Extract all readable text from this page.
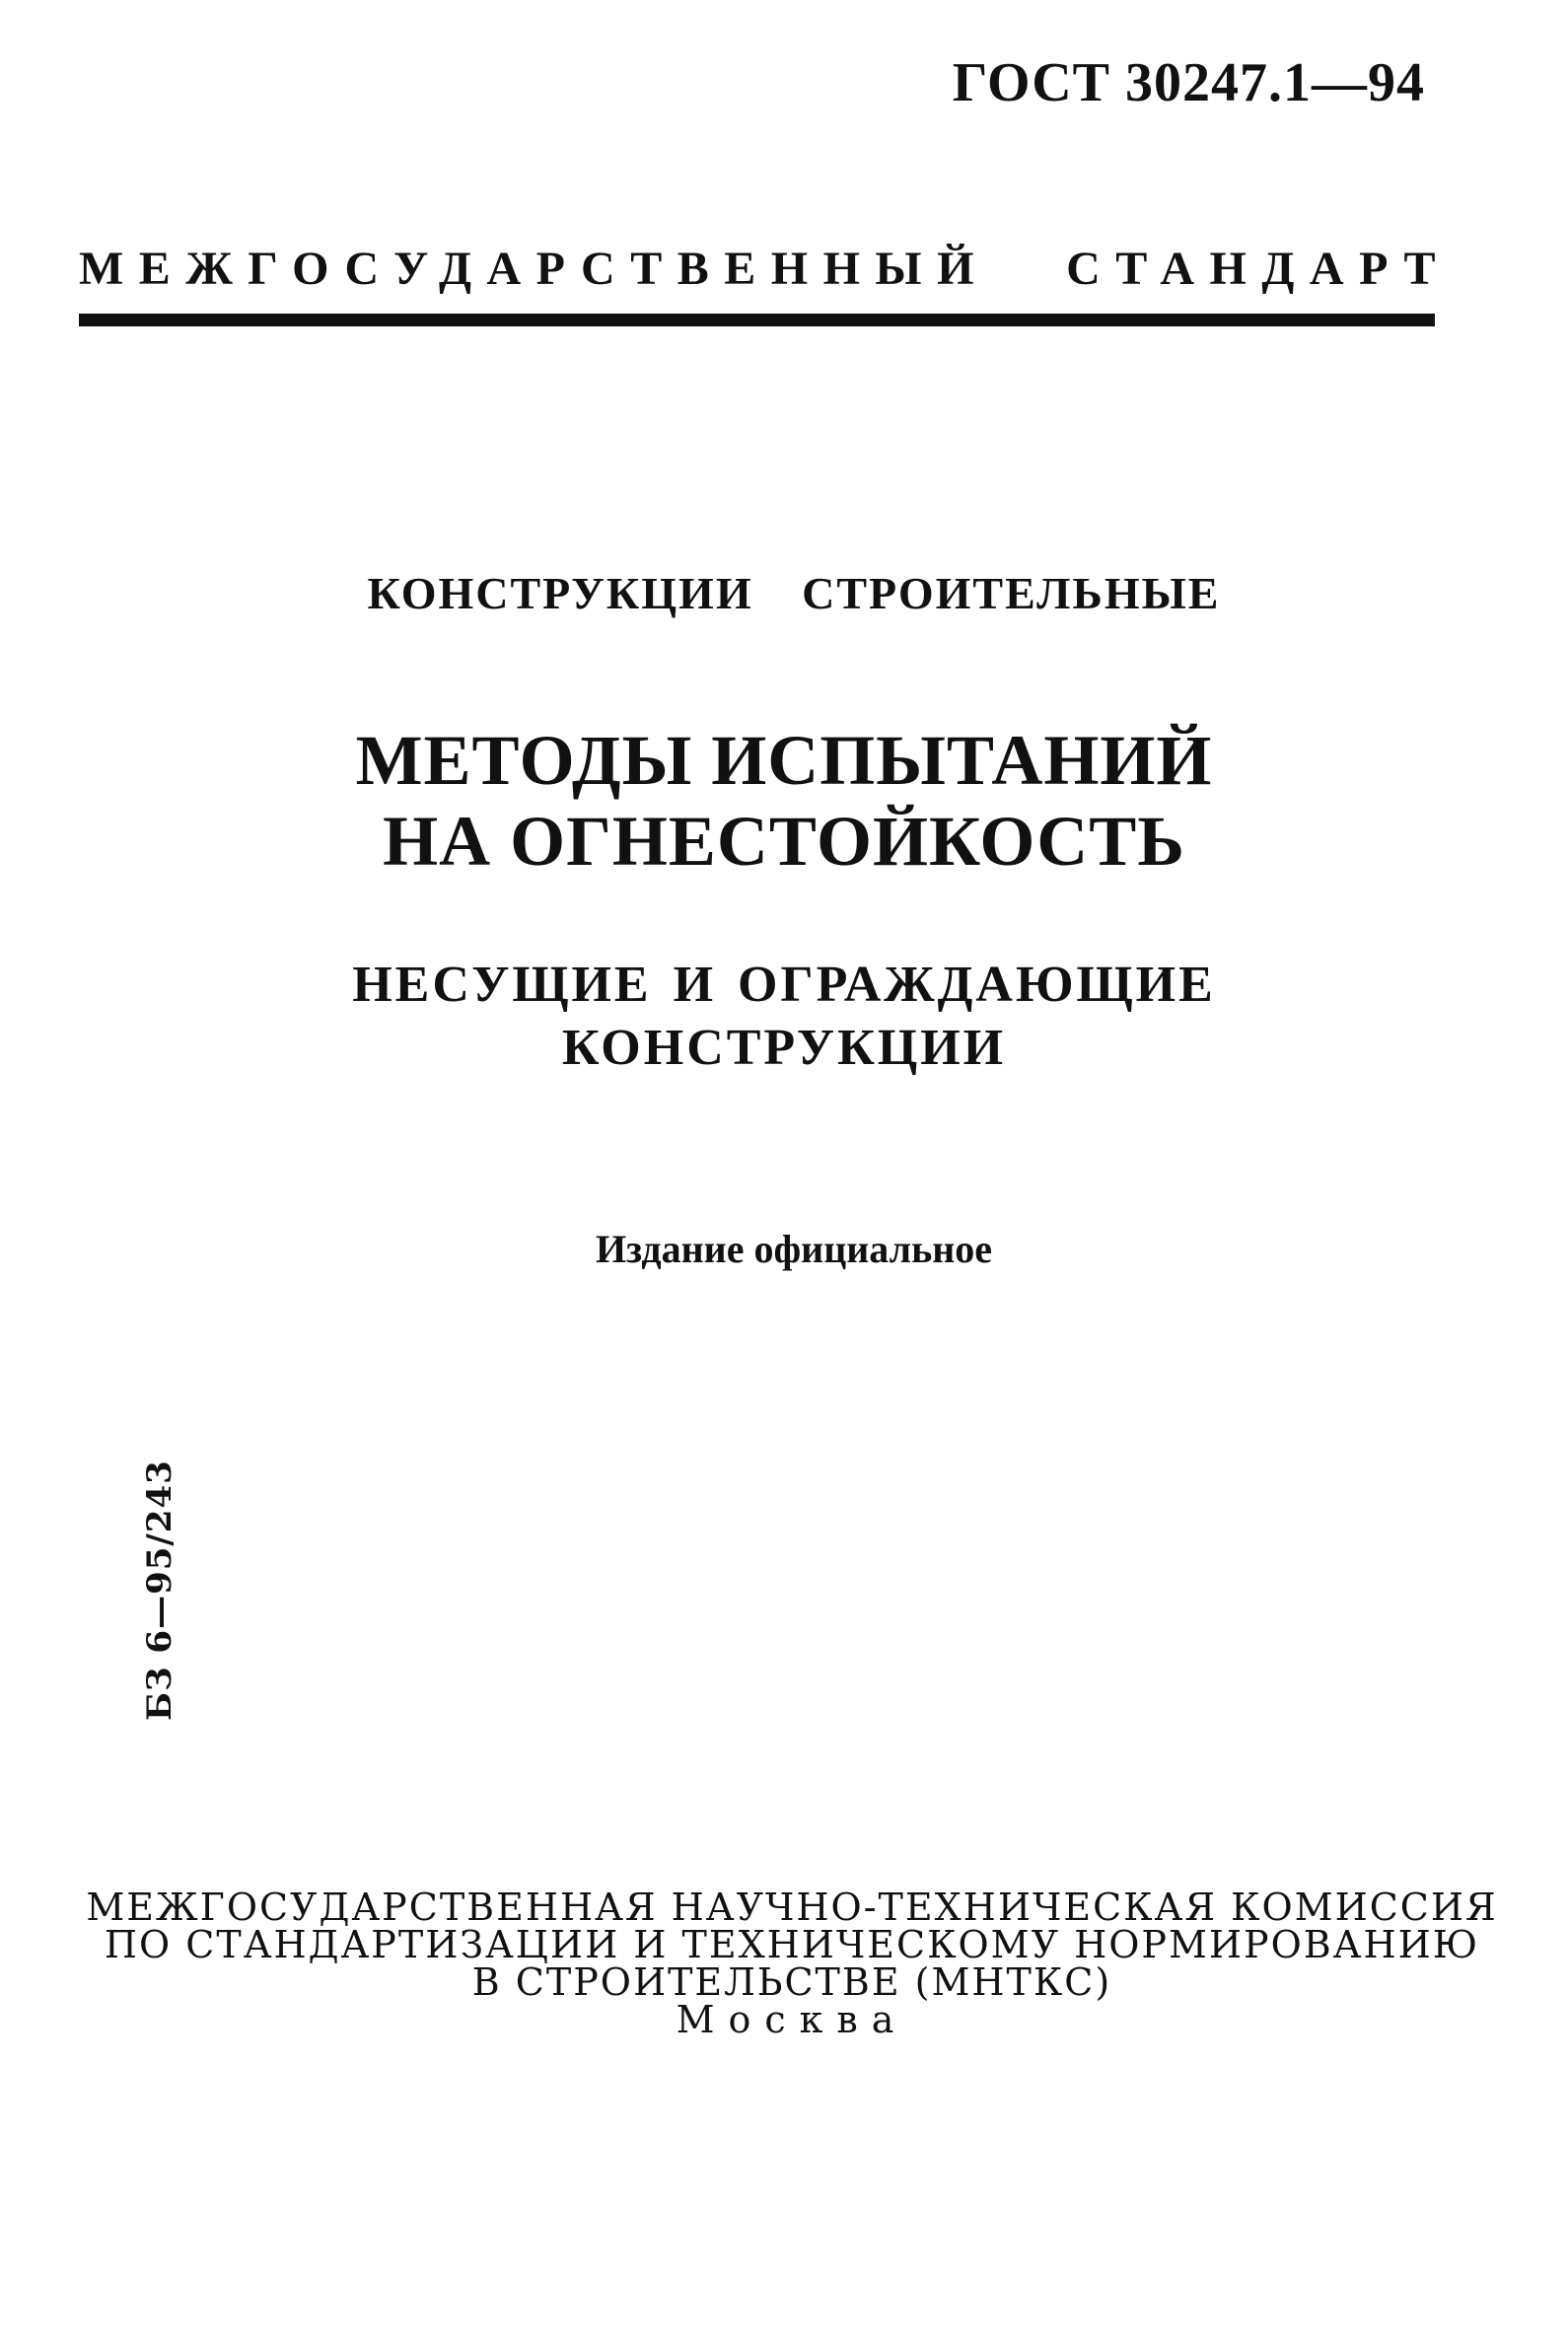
ГОСТ 30247.1—94
МЕЖГОСУДАРСТВЕННЫЙ СТАНДАРТ
КОНСТРУКЦИИ СТРОИТЕЛЬНЫЕ
МЕТОДЫ ИСПЫТАНИЙ
НА ОГНЕСТОЙКОСТЬ
НЕСУЩИЕ И ОГРАЖДАЮЩИЕ
КОНСТРУКЦИИ
Издание официальное
БЗ 6—95/243
МЕЖГОСУДАРСТВЕННАЯ НАУЧНО-ТЕХНИЧЕСКАЯ КОМИССИЯ
ПО СТАНДАРТИЗАЦИИ И ТЕХНИЧЕСКОМУ НОРМИРОВАНИЮ
В СТРОИТЕЛЬСТВЕ (МНТКС)
Москва
